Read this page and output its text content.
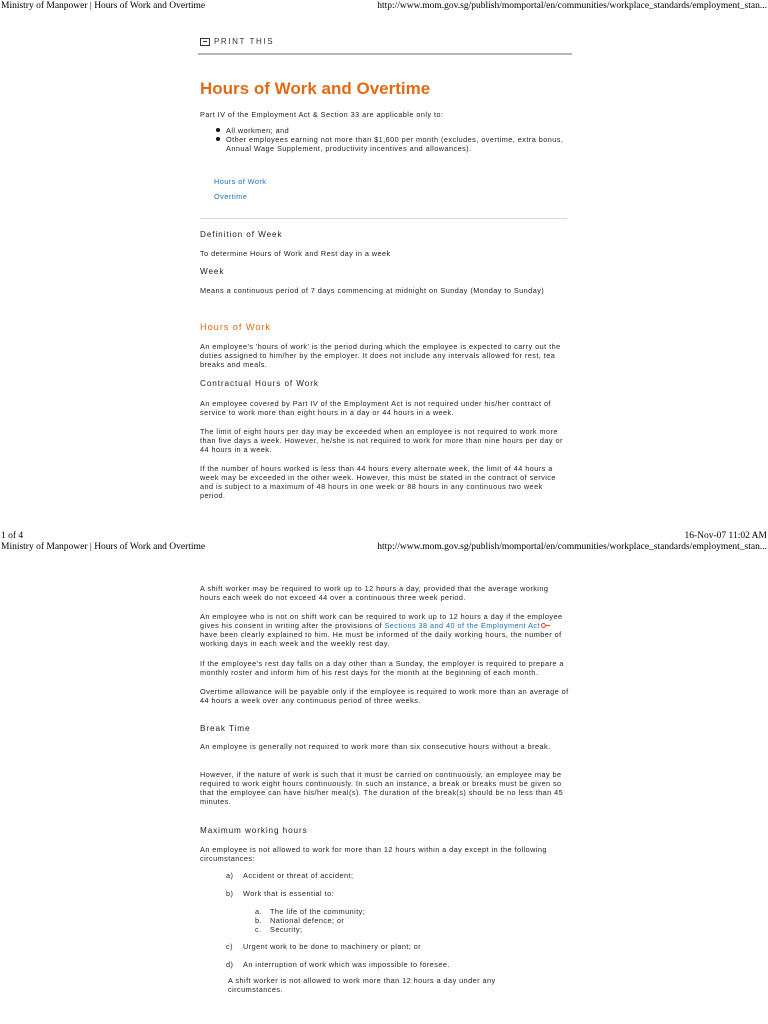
Ministry of Manpower | Hours of Work and Overtime	http://www.mom.gov.sg/publish/momportal/en/communities/workplace_standards/employment_stan...
PRINT THIS
Hours of Work and Overtime
Part IV of the Employment Act & Section 33 are applicable only to:
All workmen; and
Other employees earning not more than $1,600 per month (excludes, overtime, extra bonus, Annual Wage Supplement, productivity incentives and allowances).
Hours of Work
Overtime
Definition of Week
To determine Hours of Work and Rest day in a week
Week
Means a continuous period of 7 days commencing at midnight on Sunday (Monday to Sunday)
Hours of Work
An employee's 'hours of work' is the period during which the employee is expected to carry out the duties assigned to him/her by the employer. It does not include any intervals allowed for rest, tea breaks and meals.
Contractual Hours of Work
An employee covered by Part IV of the Employment Act is not required under his/her contract of service to work more than eight hours in a day or 44 hours in a week.
The limit of eight hours per day may be exceeded when an employee is not required to work more than five days a week. However, he/she is not required to work for more than nine hours per day or 44 hours in a week.
If the number of hours worked is less than 44 hours every alternate week, the limit of 44 hours a week may be exceeded in the other week. However, this must be stated in the contract of service and is subject to a maximum of 48 hours in one week or 88 hours in any continuous two week period.
1 of 4	16-Nov-07 11:02 AM
Ministry of Manpower | Hours of Work and Overtime	http://www.mom.gov.sg/publish/momportal/en/communities/workplace_standards/employment_stan...
A shift worker may be required to work up to 12 hours a day, provided that the average working hours each week do not exceed 44 over a continuous three week period.
An employee who is not on shift work can be required to work up to 12 hours a day if the employee gives his consent in writing after the provisions of Sections 38 and 40 of the Employment Act have been clearly explained to him. He must be informed of the daily working hours, the number of working days in each week and the weekly rest day.
If the employee's rest day falls on a day other than a Sunday, the employer is required to prepare a monthly roster and inform him of his rest days for the month at the beginning of each month.
Overtime allowance will be payable only if the employee is required to work more than an average of 44 hours a week over any continuous period of three weeks.
Break Time
An employee is generally not required to work more than six consecutive hours without a break.
However, if the nature of work is such that it must be carried on continuously, an employee may be required to work eight hours continuously. In such an instance, a break or breaks must be given so that the employee can have his/her meal(s). The duration of the break(s) should be no less than 45 minutes.
Maximum working hours
An employee is not allowed to work for more than 12 hours within a day except in the following circumstances:
a) Accident or threat of accident;
b) Work that is essential to:
a. The life of the community;
b. National defence; or
c. Security;
c) Urgent work to be done to machinery or plant; or
d) An interruption of work which was impossible to foresee.
A shift worker is not allowed to work more than 12 hours a day under any circumstances.
